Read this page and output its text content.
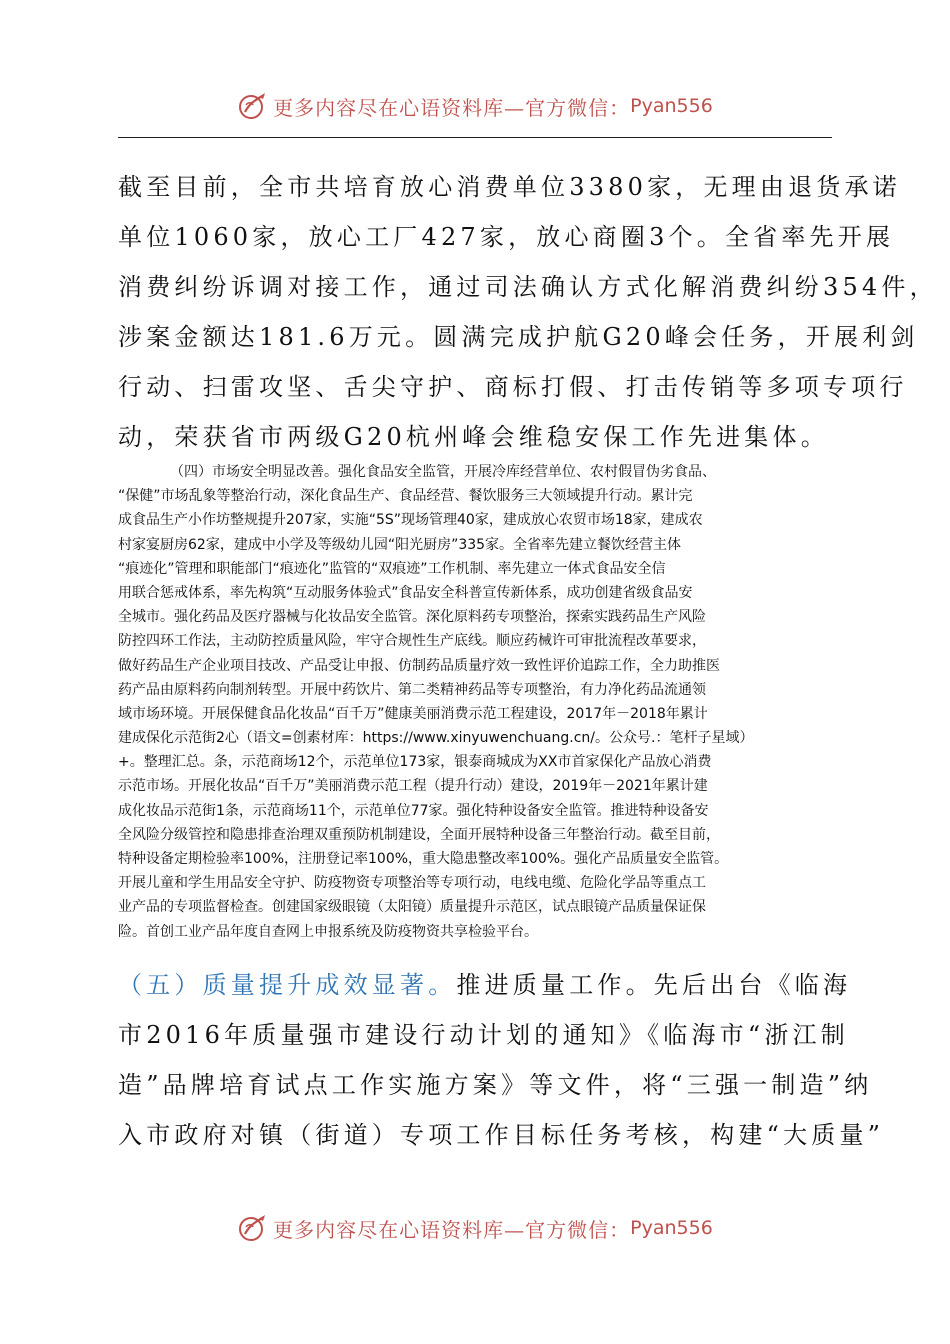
更多内容尽在心语资料库—官方微信： Pyan556
截至目前，全市共培育放心消费单位3380家，无理由退货承诺
单位1060家，放心工厂427家，放心商圈3个。全省率先开展
消费纠纷诉调对接工作，通过司法确认方式化解消费纠纷354件，
涉案金额达181.6万元。圆满完成护航G20峰会任务，开展利剑
行动、扫雷攻坚、舌尖守护、商标打假、打击传销等多项专项行
动，荣获省市两级G20杭州峰会维稳安保工作先进集体。
（四）市场安全明显改善。强化食品安全监管，开展冷库经营单位、农村假冒伪劣食品、
“保健”市场乱象等整治行动，深化食品生产、食品经营、餐饮服务三大领域提升行动。累计完
成食品生产小作坊整规提升207家，实施“5S”现场管理40家，建成放心农贸市场18家，建成农
村家宴厨房62家，建成中小学及等级幼儿园“阳光厨房”335家。全省率先建立餐饮经营主体
“痕迹化”管理和职能部门“痕迹化”监管的“双痕迹”工作机制、率先建立一体式食品安全信
用联合惩戒体系，率先构筑“互动服务体验式”食品安全科普宣传新体系，成功创建省级食品安
全城市。强化药品及医疗器械与化妆品安全监管。深化原料药专项整治，探索实践药品生产风险
防控四环工作法，主动防控质量风险，牢守合规性生产底线。顺应药械许可审批流程改革要求，
做好药品生产企业项目技改、产品受让申报、仿制药品质量疗效一致性评价追踪工作，全力助推医
药产品由原料药向制剂转型。开展中药饮片、第二类精神药品等专项整治，有力净化药品流通领
域市场环境。开展保健食品化妆品“百千万”健康美丽消费示范工程建设，2017年－2018年累计
建成保化示范街2心（语文=创素材库：https://www.xinyuwenchuang.cn/。公众号.：笔杆子星域）
+。整理汇总。条，示范商场12个，示范单位173家，银泰商城成为XX市首家保化产品放心消费
示范市场。开展化妆品“百千万”美丽消费示范工程（提升行动）建设，2019年－2021年累计建
成化妆品示范街1条，示范商场11个，示范单位77家。强化特种设备安全监管。推进特种设备安
全风险分级管控和隐患排查治理双重预防机制建设，全面开展特种设备三年整治行动。截至目前，
特种设备定期检验率100%，注册登记率100%，重大隐患整改率100%。强化产品质量安全监管。
开展儿童和学生用品安全守护、防疫物资专项整治等专项行动，电线电缆、危险化学品等重点工
业产品的专项监督检查。创建国家级眼镜（太阳镜）质量提升示范区，试点眼镜产品质量保证保
险。首创工业产品年度自查网上申报系统及防疫物资共享检验平台。
（五）质量提升成效显著。推进质量工作。先后出台《临海
市2016年质量强市建设行动计划的通知》《临海市“浙江制
造”品牌培育试点工作实施方案》等文件，将“三强一制造”纳
入市政府对镇（街道）专项工作目标任务考核，构建“大质量”
更多内容尽在心语资料库—官方微信： Pyan556
